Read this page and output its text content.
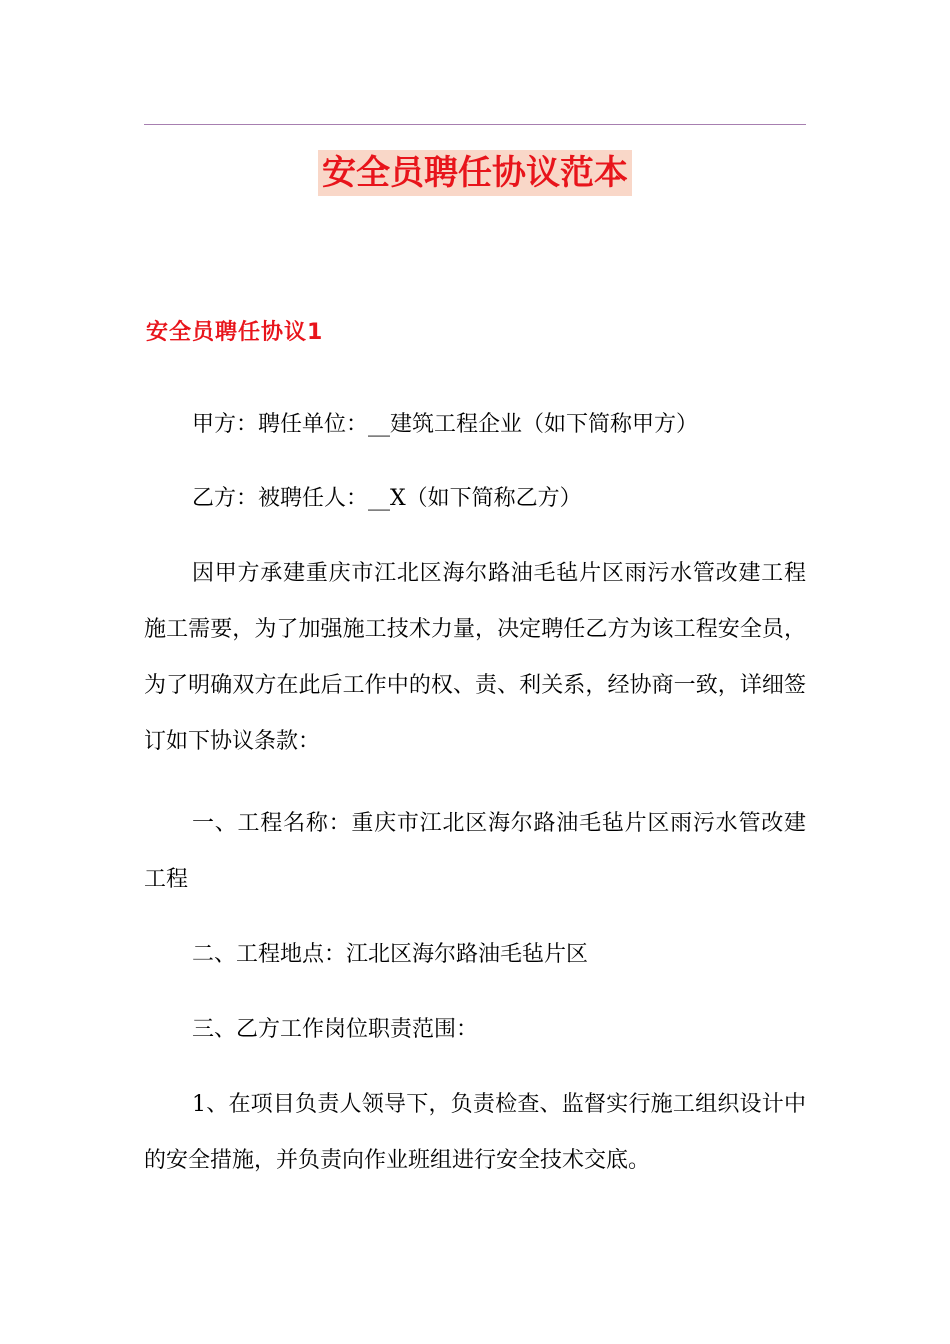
安全员聘任协议范本
安全员聘任协议1

甲方：聘任单位：__建筑工程企业（如下简称甲方）

乙方：被聘任人：__X（如下简称乙方）

因甲方承建重庆市江北区海尔路油毛毡片区雨污水管改建工程施工需要，为了加强施工技术力量，决定聘任乙方为该工程安全员，为了明确双方在此后工作中的权、责、利关系，经协商一致，详细签订如下协议条款：

一、工程名称：重庆市江北区海尔路油毛毡片区雨污水管改建工程

二、工程地点：江北区海尔路油毛毡片区

三、乙方工作岗位职责范围：

1、在项目负责人领导下，负责检查、监督实行施工组织设计中的安全措施，并负责向作业班组进行安全技术交底。
